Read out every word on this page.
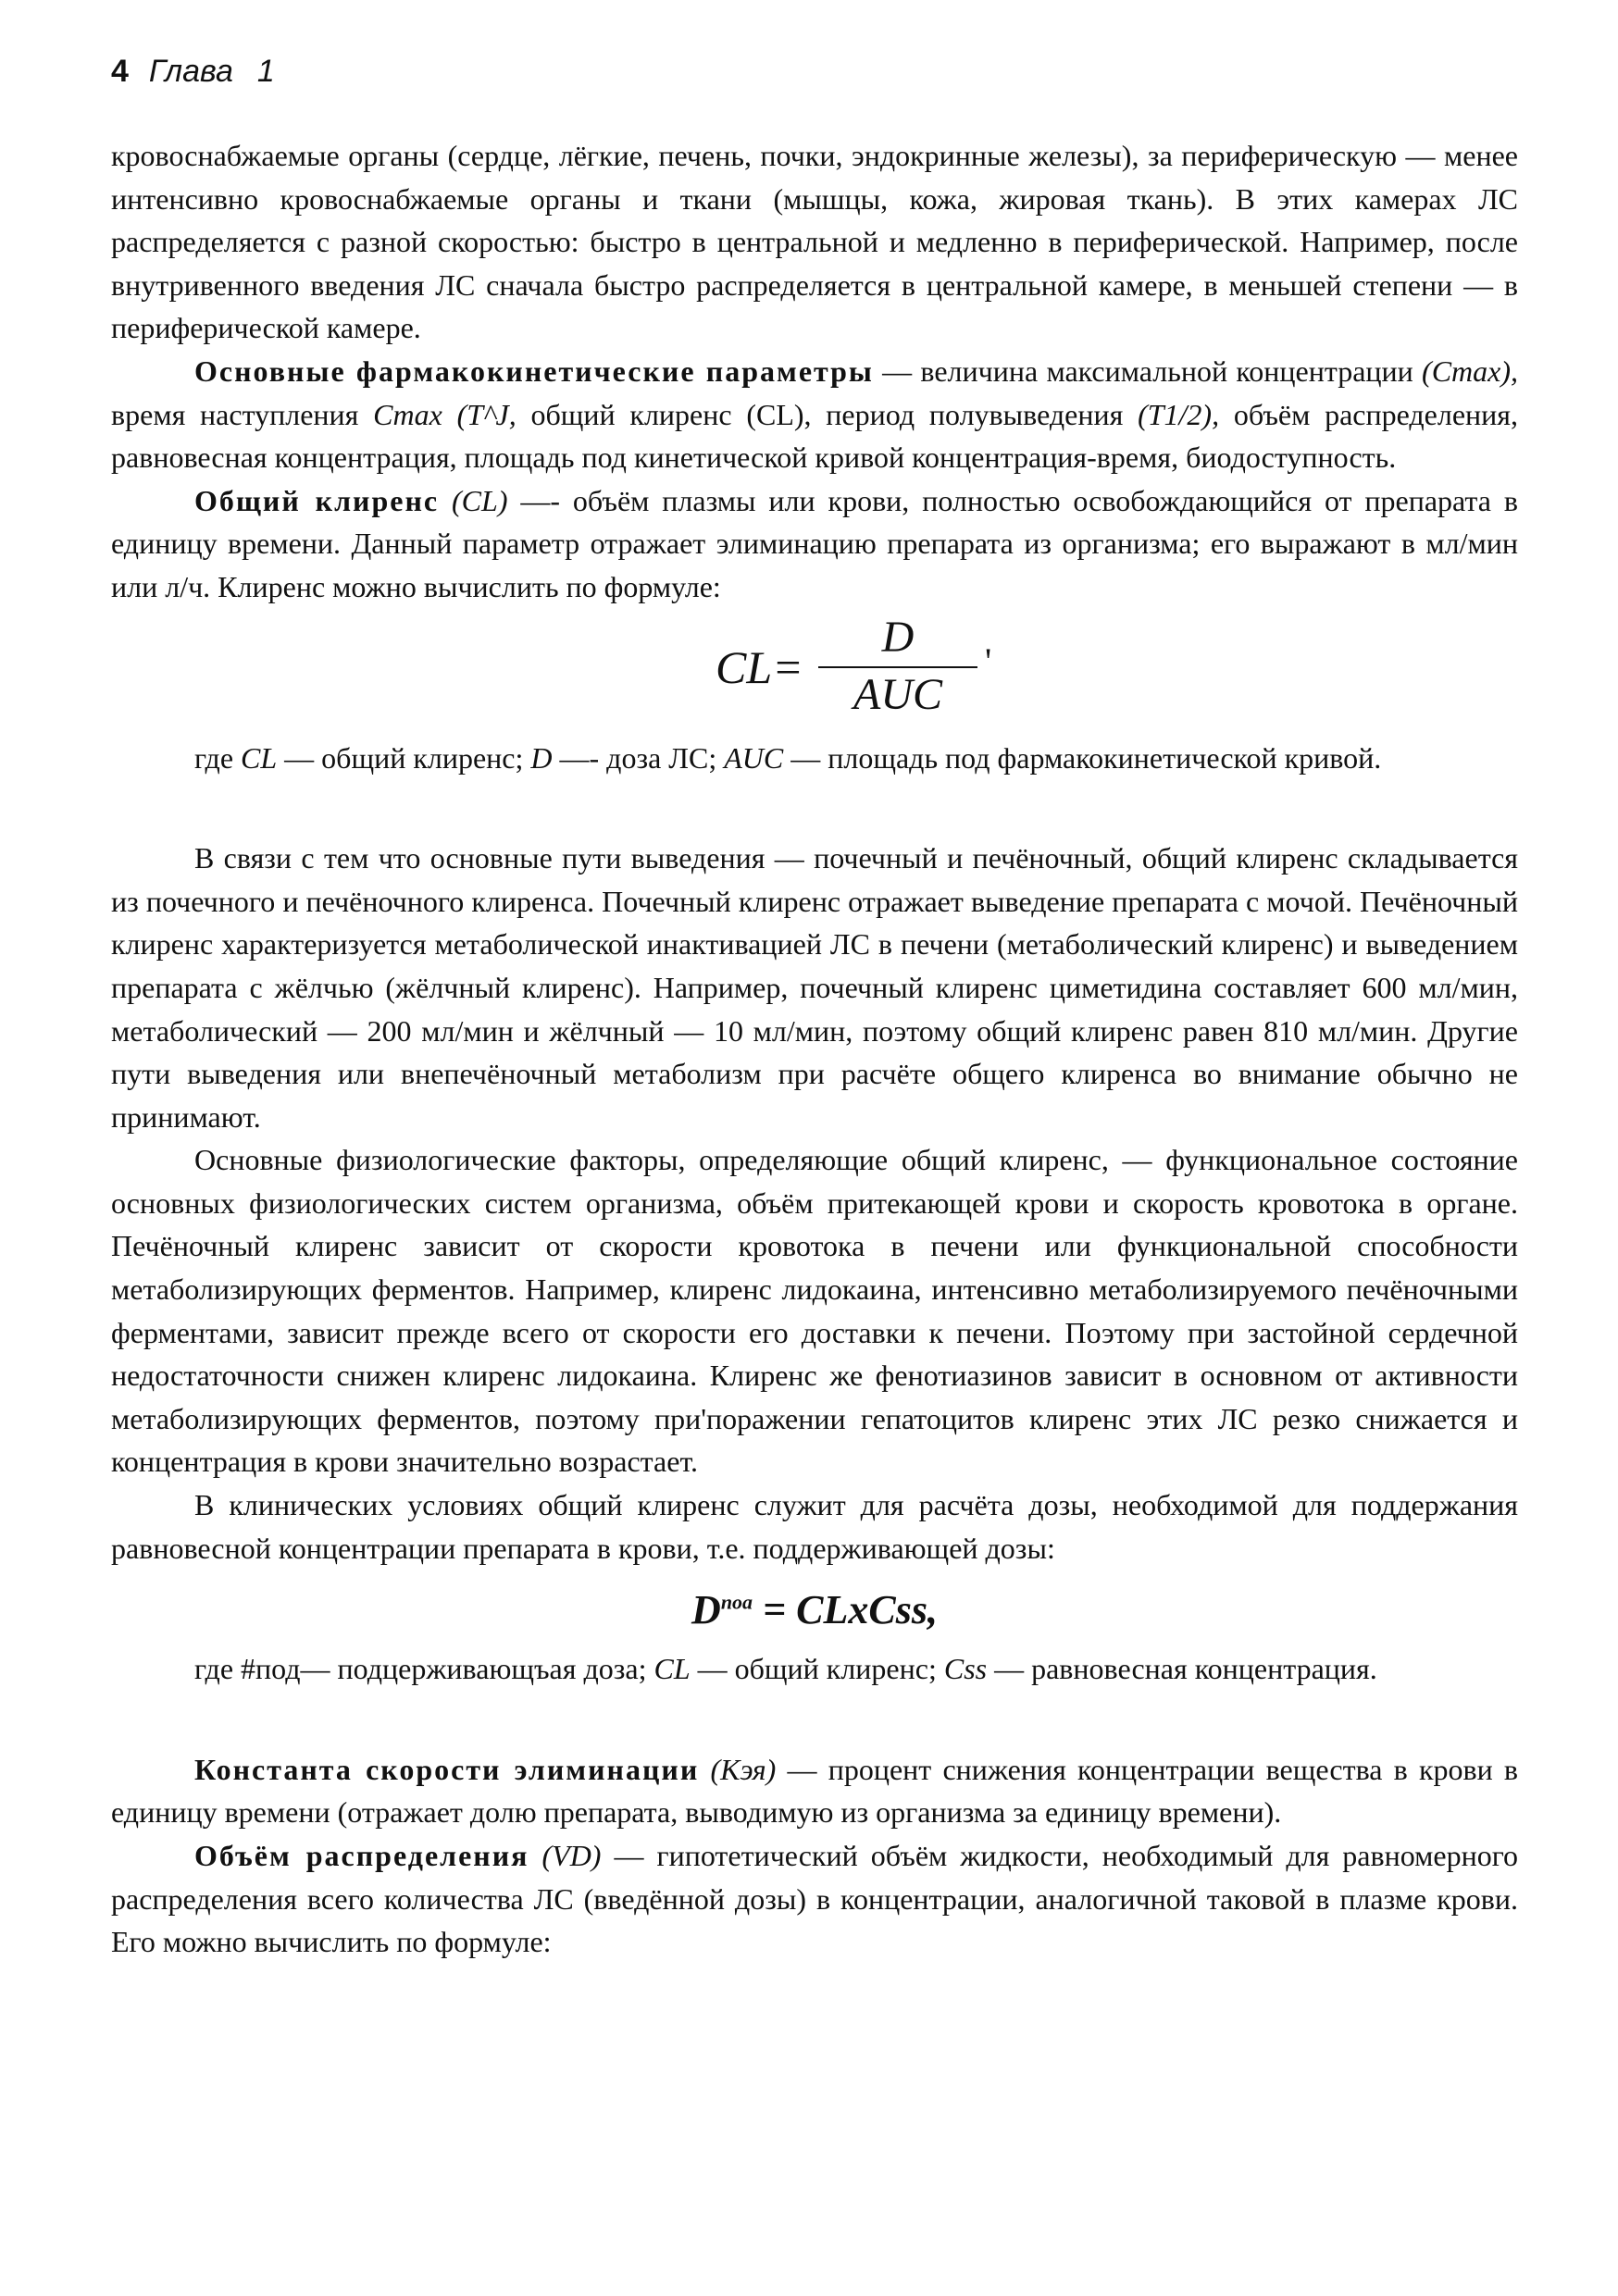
4 Глава 1

кровоснабжаемые органы (сердце, лёгкие, печень, почки, эндокринные железы), за периферическую — менее интенсивно кровоснабжаемые органы и ткани (мышцы, кожа, жировая ткань). В этих камерах ЛС распределяется с разной скоростью: быстро в центральной и медленно в периферической. Например, после внутривенного введения ЛС сначала быстро распределяется в центральной камере, в меньшей степени — в периферической камере.

Основные фармакокинетические параметры — величина максимальной концентрации (Cmax), время наступления Cmax (T^J, общий клиренс (CL), период полувыведения (T1/2), объём распределения, равновесная концентрация, площадь под кинетической кривой концентрация-время, биодоступность.

Общий клиренс (CL) —- объём плазмы или крови, полностью освобождающийся от препарата в единицу времени. Данный параметр отражает элиминацию препарата из организма; его выражают в мл/мин или л/ч. Клиренс можно вычислить по формуле:

CL=
D
AUC
'

где CL — общий клиренс; D —- доза ЛС; AUC — площадь под фармакокинетической кривой.

В связи с тем что основные пути выведения — почечный и печёночный, общий клиренс складывается из почечного и печёночного клиренса. Почечный клиренс отражает выведение препарата с мочой. Печёночный клиренс характеризуется метаболической инактивацией ЛС в печени (метаболический клиренс) и выведением препарата с жёлчью (жёлчный клиренс). Например, почечный клиренс циметидина составляет 600 мл/мин, метаболический — 200 мл/мин и жёлчный — 10 мл/мин, поэтому общий клиренс равен 810 мл/мин. Другие пути выведения или внепечёночный метаболизм при расчёте общего клиренса во внимание обычно не принимают.

Основные физиологические факторы, определяющие общий клиренс, — функциональное состояние основных физиологических систем организма, объём притекающей крови и скорость кровотока в органе. Печёночный клиренс зависит от скорости кровотока в печени или функциональной способности метаболизирующих ферментов. Например, клиренс лидокаина, интенсивно метаболизируемого печёночными ферментами, зависит прежде всего от скорости его доставки к печени. Поэтому при застойной сердечной недостаточности снижен клиренс лидокаина. Клиренс же фенотиазинов зависит в основном от активности метаболизирующих ферментов, поэтому при'поражении гепатоцитов клиренс этих ЛС резко снижается и концентрация в крови значительно возрастает.

В клинических условиях общий клиренс служит для расчёта дозы, необходимой для поддержания равновесной концентрации препарата в крови, т.е. поддерживающей дозы:

$D^{noa}$ = CLxCss,

где #под— подцерживающъая доза; CL — общий клиренс; Css — равновесная концентрация.

Константа скорости элиминации (Kэя) — процент снижения концентрации вещества в крови в единицу времени (отражает долю препарата, выводимую из организма за единицу времени).

Объём распределения (VD) — гипотетический объём жидкости, необходимый для равномерного распределения всего количества ЛС (введённой дозы) в концентрации, аналогичной таковой в плазме крови. Его можно вычислить по формуле:
